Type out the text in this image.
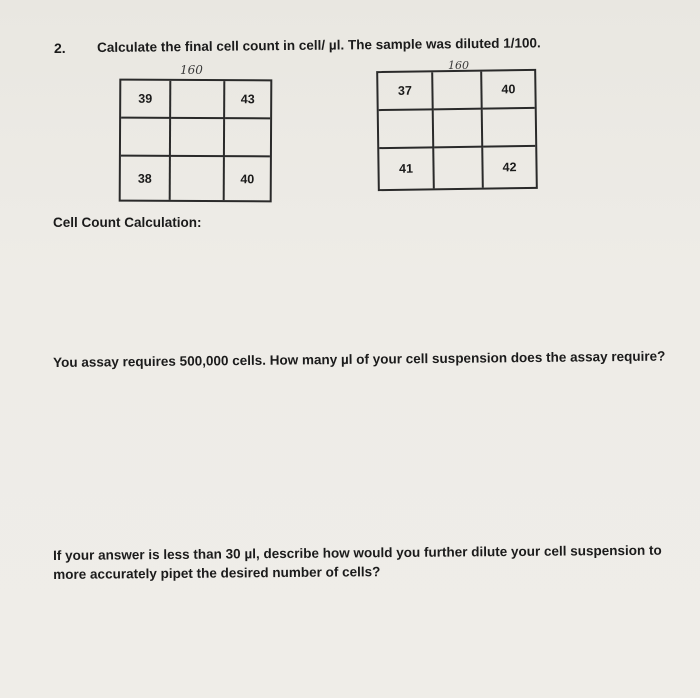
2. Calculate the final cell count in cell/ µl. The sample was diluted 1/100.
160	160
39	43
38	40
37	40
41	42
Cell Count Calculation:
You assay requires 500,000 cells. How many µl of your cell suspension does the assay require?
If your answer is less than 30 µl, describe how would you further dilute your cell suspension to more accurately pipet the desired number of cells?
